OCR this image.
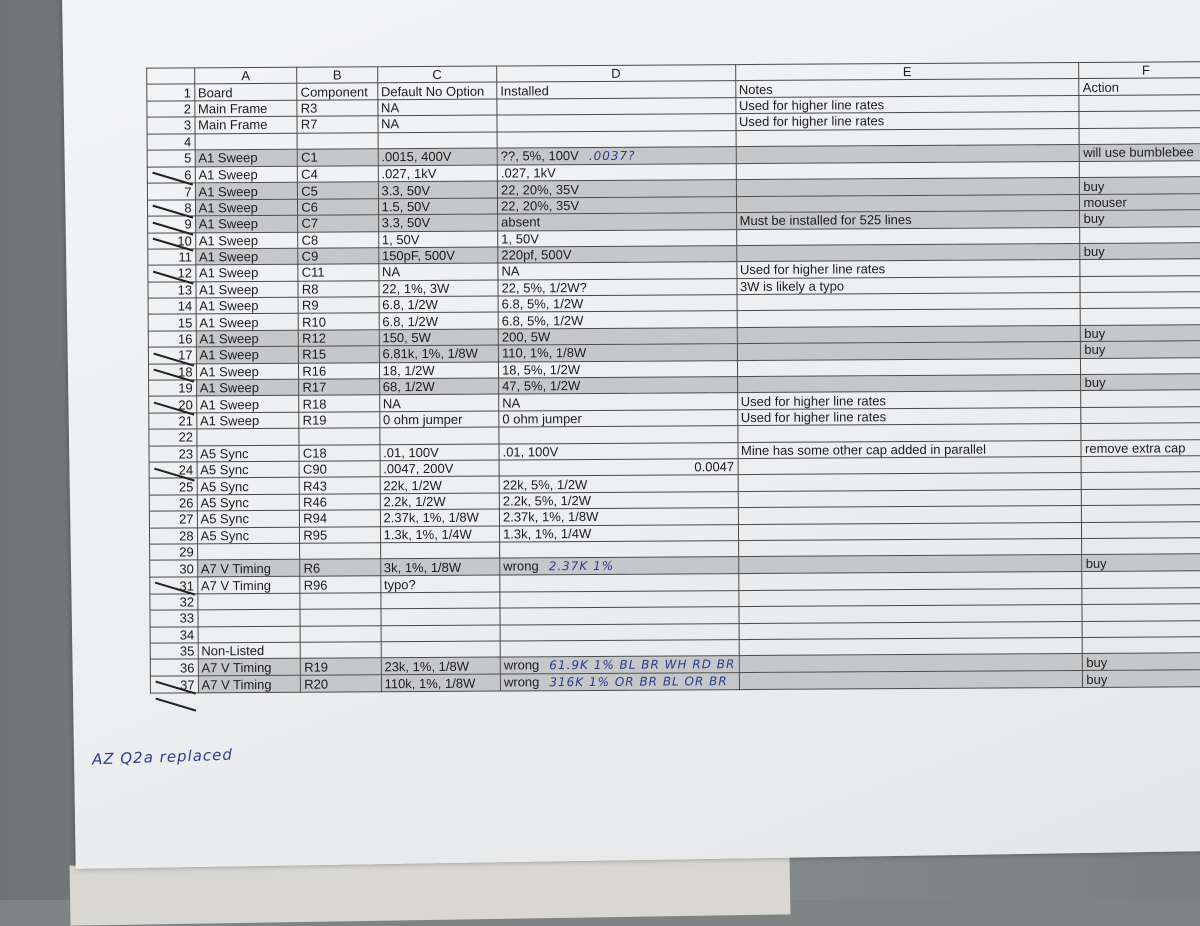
	A	B	C	D	E	F
1	Board	Component	Default No Option	Installed	Notes	Action
2	Main Frame	R3	NA		Used for higher line rates	
3	Main Frame	R7	NA		Used for higher line rates	
4						
5	A1 Sweep	C1	.0015, 400V	??, 5%, 100V .0037?		will use bumblebee
6	A1 Sweep	C4	.027, 1kV	.027, 1kV		
7	A1 Sweep	C5	3.3, 50V	22, 20%, 35V		buy
8	A1 Sweep	C6	1.5, 50V	22, 20%, 35V		mouser
9	A1 Sweep	C7	3.3, 50V	absent	Must be installed for 525 lines	buy
10	A1 Sweep	C8	1, 50V	1, 50V		
11	A1 Sweep	C9	150pF, 500V	220pf, 500V		buy
12	A1 Sweep	C11	NA	NA	Used for higher line rates	
13	A1 Sweep	R8	22, 1%, 3W	22, 5%, 1/2W?	3W is likely a typo	
14	A1 Sweep	R9	6.8, 1/2W	6.8, 5%, 1/2W		
15	A1 Sweep	R10	6.8, 1/2W	6.8, 5%, 1/2W		
16	A1 Sweep	R12	150, 5W	200, 5W		buy
17	A1 Sweep	R15	6.81k, 1%, 1/8W	110, 1%, 1/8W		buy
18	A1 Sweep	R16	18, 1/2W	18, 5%, 1/2W		
19	A1 Sweep	R17	68, 1/2W	47, 5%, 1/2W		buy
20	A1 Sweep	R18	NA	NA	Used for higher line rates	
21	A1 Sweep	R19	0 ohm jumper	0 ohm jumper	Used for higher line rates	
22						
23	A5 Sync	C18	.01, 100V	.01, 100V	Mine has some other cap added in parallel	remove extra cap
24	A5 Sync	C90	.0047, 200V	0.0047		
25	A5 Sync	R43	22k, 1/2W	22k, 5%, 1/2W		
26	A5 Sync	R46	2.2k, 1/2W	2.2k, 5%, 1/2W		
27	A5 Sync	R94	2.37k, 1%, 1/8W	2.37k, 1%, 1/8W		
28	A5 Sync	R95	1.3k, 1%, 1/4W	1.3k, 1%, 1/4W		
29						
30	A7 V Timing	R6	3k, 1%, 1/8W	wrong 2.37K 1%		buy
31	A7 V Timing	R96	typo?			
32						
33						
34						
35	Non-Listed					
36	A7 V Timing	R19	23k, 1%, 1/8W	wrong 61.9K 1% BL BR WH RD BR		buy
37	A7 V Timing	R20	110k, 1%, 1/8W	wrong 316K 1% OR BR BL OR BR		buy
AZ Q2a replaced
